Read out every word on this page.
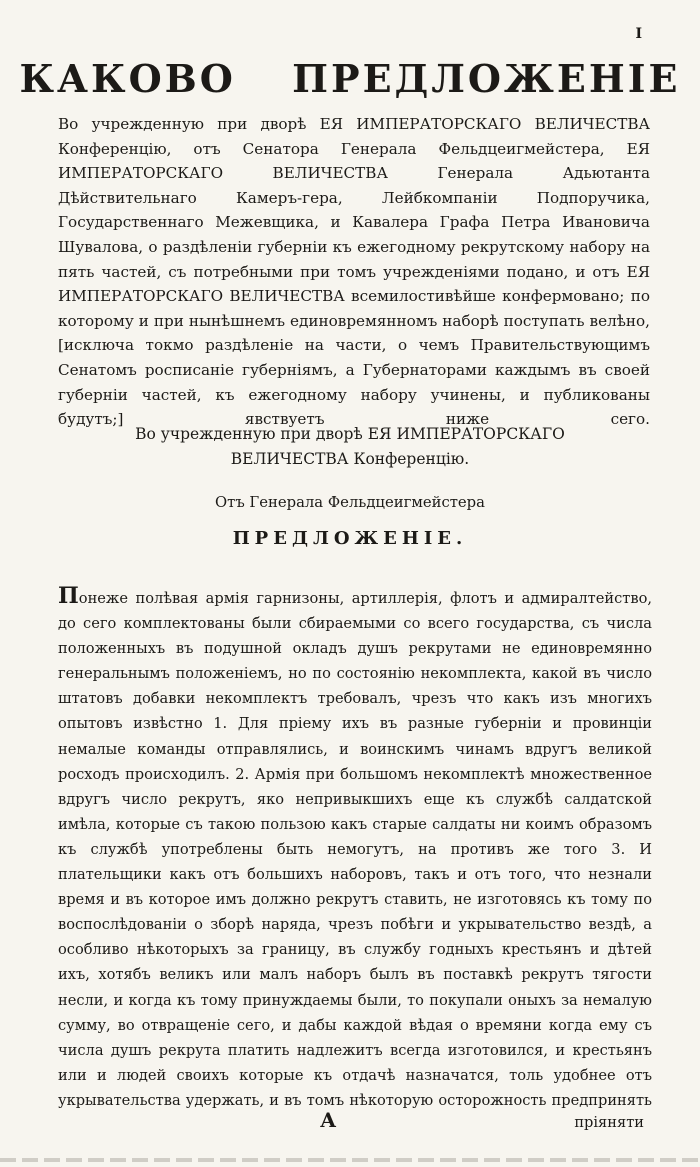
I
КАКОВО ПРЕДЛОЖЕНІЕ

Во учрежденную при дворѣ ЕЯ ИМПЕРАТОРСКАГО ВЕЛИЧЕСТВА Конференцію, отъ Сенатора Генерала Фельдцеигмейстера, ЕЯ ИМПЕРАТОРСКАГО ВЕЛИЧЕСТВА Генерала Адьютанта Дѣйствительнаго Камеръ-гера, Лейбкомпаніи Подпоручика, Государственнаго Межевщика, и Кавалера Графа Петра Ивановича Шувалова, о раздѣленіи губерніи къ ежегодному рекрутскому набору на пять частей, съ потребными при томъ учрежденіями подано, и отъ ЕЯ ИМПЕРАТОРСКАГО ВЕЛИЧЕСТВА всемилостивѣйше конфермовано; по которому и при нынѣшнемъ единовремянномъ наборѣ поступать велѣно, [исключа токмо раздѣленіе на части, о чемъ Правительствующимъ Сенатомъ росписаніе губерніямъ, а Губернаторами каждымъ въ своей губерніи частей, къ ежегодному набору учинены, и публикованы будутъ;] явствуетъ ниже сего.

Во учрежденную при дворѣ ЕЯ ИМПЕРАТОРСКАГО

ВЕЛИЧЕСТВА Конференцію.

Отъ Генерала Фельдцеигмейстера
ПРЕДЛОЖЕНІЕ.

Понеже полѣвая армія гарнизоны, артиллерія, флотъ и адмиралтейство, до сего комплектованы были сбираемыми со всего государства, съ числа положенныхъ въ подушной окладъ душъ рекрутами не единовремянно генеральнымъ положеніемъ, но по состоянію некомплекта, какой въ число штатовъ добавки некомплектъ требовалъ, чрезъ что какъ изъ многихъ опытовъ извѣстно 1. Для пріему ихъ въ разные губерніи и провинціи немалые команды отправлялись, и воинскимъ чинамъ вдругъ великой росходъ происходилъ. 2. Армія при большомъ некомплектѣ множественное вдругъ число рекрутъ, яко непривыкшихъ еще къ службѣ салдатской имѣла, которые съ такою пользою какъ старые салдаты ни коимъ образомъ къ службѣ употреблены быть немогутъ, на противъ же того 3. И плательщики какъ отъ большихъ наборовъ, такъ и отъ того, что незнали время и въ которое имъ должно рекрутъ ставить, не изготовясь къ тому по воспослѣдованіи о зборѣ наряда, чрезъ побѣги и укрывательство вездѣ, а особливо нѣкоторыхъ за границу, въ службу годныхъ крестьянъ и дѣтей ихъ, хотябъ великъ или малъ наборъ былъ въ поставкѣ рекрутъ тягости несли, и когда къ тому принуждаемы были, то покупали оныхъ за немалую сумму, во отвращеніе сего, и дабы каждой вѣдая о времяни когда ему съ числа душъ рекрута платить надлежитъ всегда изготовился, и крестьянъ или и людей своихъ которые къ отдачѣ назначатся, толь удобнее отъ укрывательства удержать, и въ томъ нѣкоторую осторожность предпринять

А	пріяняти
